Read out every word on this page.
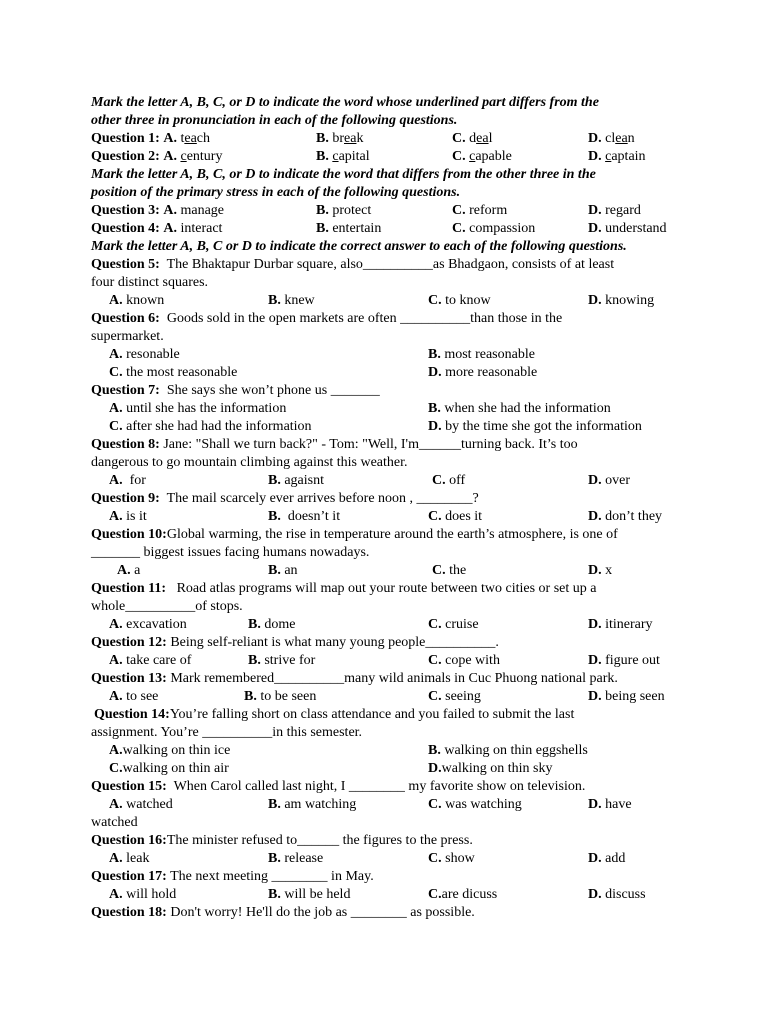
Mark the letter A, B, C, or D to indicate the word whose underlined part differs from the
other three in pronunciation in each of the following questions.
Question 1: A. teach	B. break	C. deal	D. clean
Question 2: A. century	B. capital	C. capable	D. captain
Mark the letter A, B, C, or D to indicate the word that differs from the other three in the
position of the primary stress in each of the following questions.
Question 3: A. manage	B. protect	C. reform	D. regard
Question 4: A. interact	B. entertain	C. compassion	D. understand
Mark the letter A, B, C or D to indicate the correct answer to each of the following questions.
Question 5: The Bhaktapur Durbar square, also__________as Bhadgaon, consists of at least
four distinct squares.
A. known	B. knew	C. to know	D. knowing
Question 6: Goods sold in the open markets are often __________than those in the
supermarket.
A. resonable	B. most reasonable
C. the most reasonable	D. more reasonable
Question 7: She says she won’t phone us _______
A. until she has the information	B. when she had the information
C. after she had had the information	D. by the time she got the information
Question 8: Jane: "Shall we turn back?" - Tom: "Well, I'm______turning back. It’s too
dangerous to go mountain climbing against this weather.
A. for	B. agaisnt	C. off	D. over
Question 9: The mail scarcely ever arrives before noon , ________?
A. is it	B. doesn’t it	C. does it	D. don’t they
Question 10:Global warming, the rise in temperature around the earth’s atmosphere, is one of
_______ biggest issues facing humans nowadays.
A. a	B. an	C. the	D. x
Question 11: Road atlas programs will map out your route between two cities or set up a
whole__________of stops.
A. excavation	B. dome	C. cruise	D. itinerary
Question 12: Being self-reliant is what many young people__________.
A. take care of	B. strive for	C. cope with	D. figure out
Question 13: Mark remembered__________many wild animals in Cuc Phuong national park.
A. to see	B. to be seen	C. seeing	D. being seen
Question 14:You’re falling short on class attendance and you failed to submit the last
assignment. You’re __________in this semester.
A.walking on thin ice	B. walking on thin eggshells
C.walking on thin air	D.walking on thin sky
Question 15: When Carol called last night, I ________ my favorite show on television.
A. watched	B. am watching	C. was watching	D. have
watched
Question 16:The minister refused to______ the figures to the press.
A. leak	B. release	C. show	D. add
Question 17: The next meeting ________ in May.
A. will hold	B. will be held	C.are dicuss	D. discuss
Question 18: Don't worry! He'll do the job as ________ as possible.
